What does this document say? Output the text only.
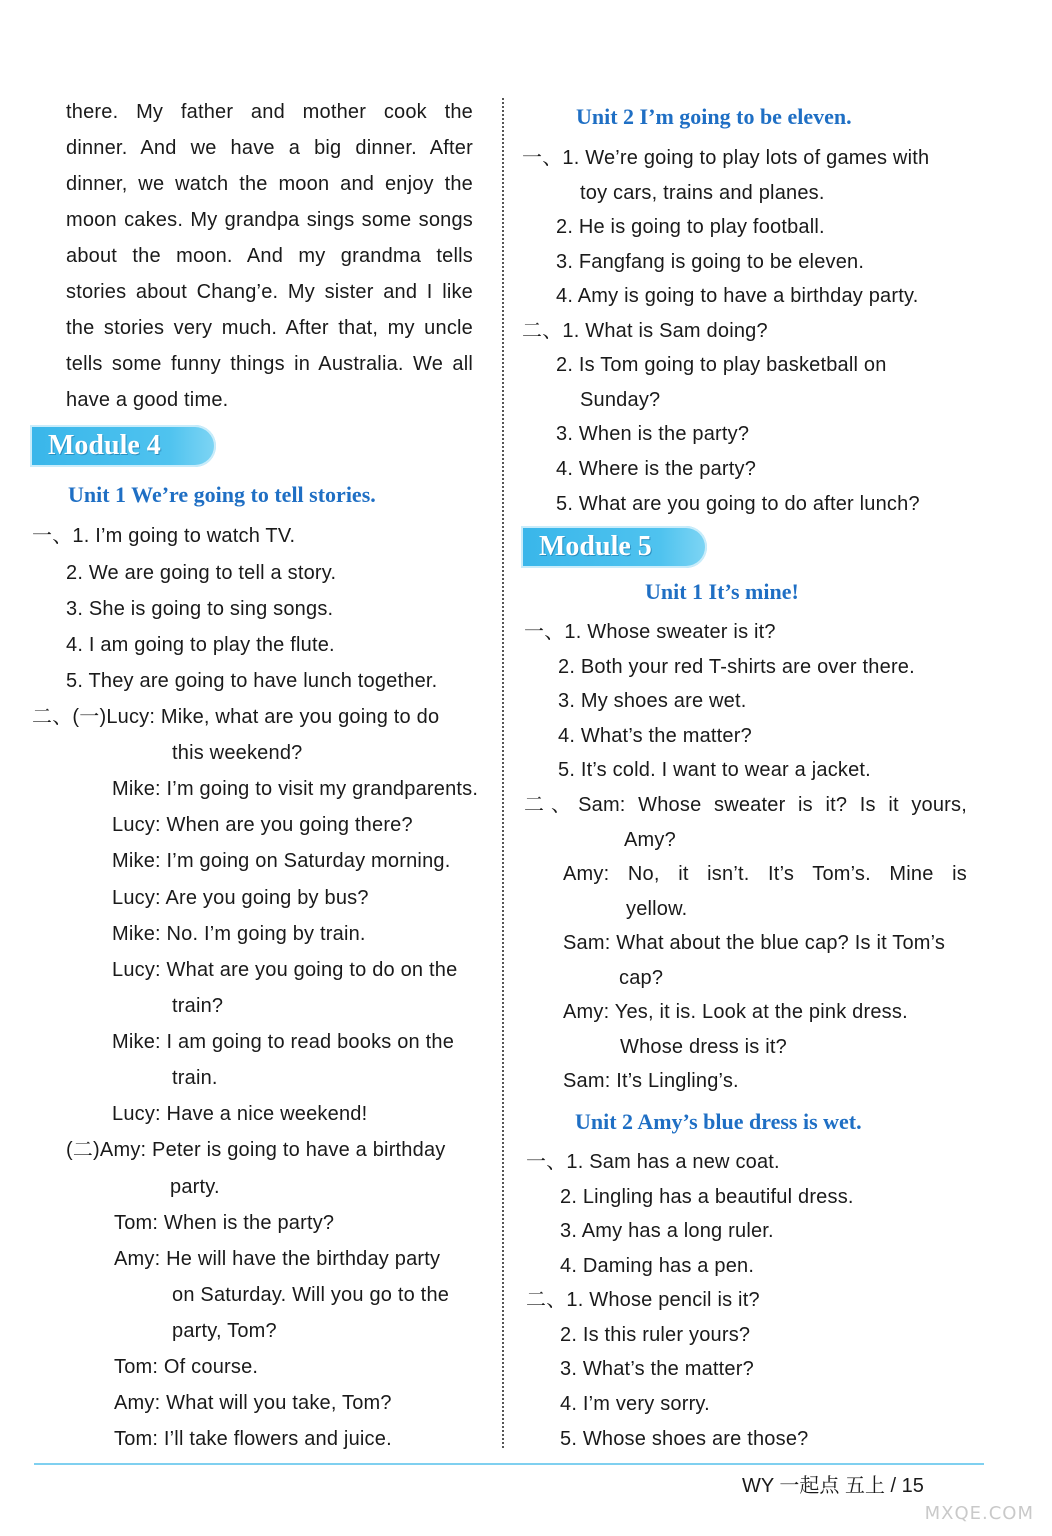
there. My father and mother cook the
dinner. And we have a big dinner. After
dinner, we watch the moon and enjoy the
moon cakes. My grandpa sings some songs
about the moon. And my grandma tells
stories about Chang’e. My sister and I like
the stories very much. After that, my uncle
tells some funny things in Australia. We all
have a good time.
Module 4
Unit 1 We’re going to tell stories.
一、1. I’m going to watch TV.
2. We are going to tell a story.
3. She is going to sing songs.
4. I am going to play the flute.
5. They are going to have lunch together.
二、(一)Lucy: Mike, what are you going to do
this weekend?
Mike: I’m going to visit my grandparents.
Lucy: When are you going there?
Mike: I’m going on Saturday morning.
Lucy: Are you going by bus?
Mike: No. I’m going by train.
Lucy: What are you going to do on the
train?
Mike: I am going to read books on the
train.
Lucy: Have a nice weekend!
(二)Amy: Peter is going to have a birthday
party.
Tom: When is the party?
Amy: He will have the birthday party
on Saturday. Will you go to the
party, Tom?
Tom: Of course.
Amy: What will you take, Tom?
Tom: I’ll take flowers and juice.
Unit 2 I’m going to be eleven.
一、1. We’re going to play lots of games with
toy cars, trains and planes.
2. He is going to play football.
3. Fangfang is going to be eleven.
4. Amy is going to have a birthday party.
二、1. What is Sam doing?
2. Is Tom going to play basketball on
Sunday?
3. When is the party?
4. Where is the party?
5. What are you going to do after lunch?
Module 5
Unit 1 It’s mine!
一、1. Whose sweater is it?
2. Both your red T-shirts are over there.
3. My shoes are wet.
4. What’s the matter?
5. It’s cold. I want to wear a jacket.
二、Sam: Whose sweater is it? Is it yours,
Amy?
Amy: No, it isn’t. It’s Tom’s. Mine is
yellow.
Sam: What about the blue cap? Is it Tom’s
cap?
Amy: Yes, it is. Look at the pink dress.
Whose dress is it?
Sam: It’s Lingling’s.
Unit 2 Amy’s blue dress is wet.
一、1. Sam has a new coat.
2. Lingling has a beautiful dress.
3. Amy has a long ruler.
4. Daming has a pen.
二、1. Whose pencil is it?
2. Is this ruler yours?
3. What’s the matter?
4. I’m very sorry.
5. Whose shoes are those?
WY 一起点 五上 / 15
MXQE.COM
